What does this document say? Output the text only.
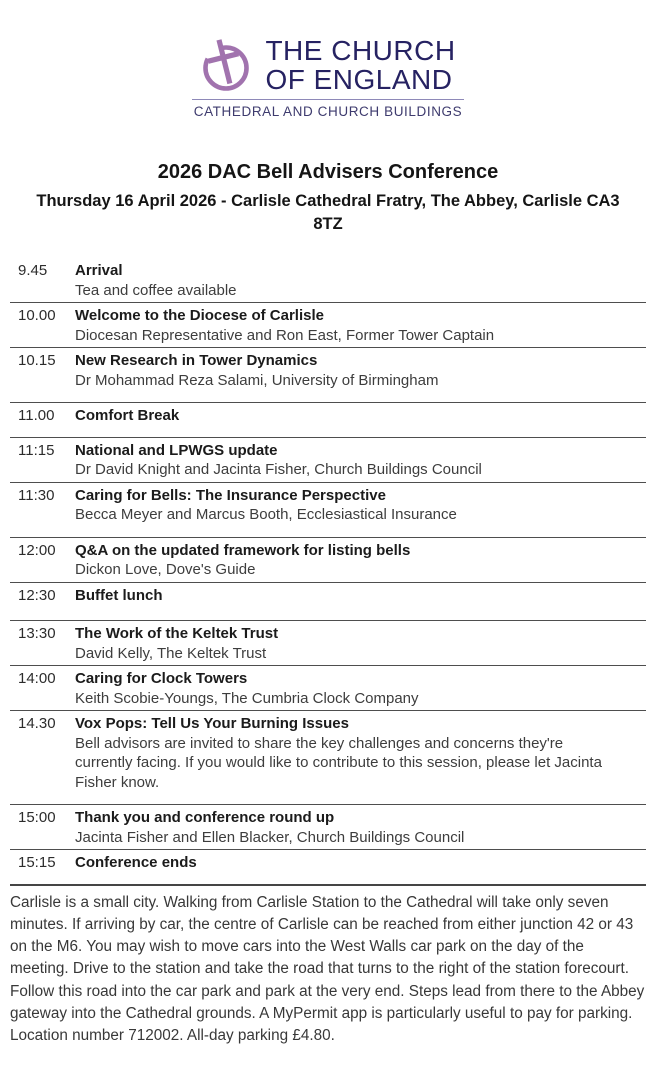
THE CHURCH
OF ENGLAND
CATHEDRAL AND CHURCH BUILDINGS
2026 DAC Bell Advisers Conference
Thursday 16 April 2026 - Carlisle Cathedral Fratry, The Abbey, Carlisle CA3 8TZ
9.45	Arrival
Tea and coffee available
10.00	Welcome to the Diocese of Carlisle
Diocesan Representative and Ron East, Former Tower Captain
10.15	New Research in Tower Dynamics
Dr Mohammad Reza Salami, University of Birmingham
11.00	Comfort Break
11:15	National and LPWGS update
Dr David Knight and Jacinta Fisher, Church Buildings Council
11:30	Caring for Bells: The Insurance Perspective
Becca Meyer and Marcus Booth, Ecclesiastical Insurance
12:00	Q&A on the updated framework for listing bells
Dickon Love, Dove's Guide
12:30	Buffet lunch
13:30	The Work of the Keltek Trust
David Kelly, The Keltek Trust
14:00	Caring for Clock Towers
Keith Scobie-Youngs, The Cumbria Clock Company
14.30	Vox Pops: Tell Us Your Burning Issues
Bell advisors are invited to share the key challenges and concerns they're currently facing. If you would like to contribute to this session, please let Jacinta Fisher know.
15:00	Thank you and conference round up
Jacinta Fisher and Ellen Blacker, Church Buildings Council
15:15	Conference ends

Carlisle is a small city. Walking from Carlisle Station to the Cathedral will take only seven minutes. If arriving by car, the centre of Carlisle can be reached from either junction 42 or 43 on the M6. You may wish to move cars into the West Walls car park on the day of the meeting. Drive to the station and take the road that turns to the right of the station forecourt. Follow this road into the car park and park at the very end. Steps lead from there to the Abbey gateway into the Cathedral grounds. A MyPermit app is particularly useful to pay for parking. Location number 712002. All-day parking £4.80.
